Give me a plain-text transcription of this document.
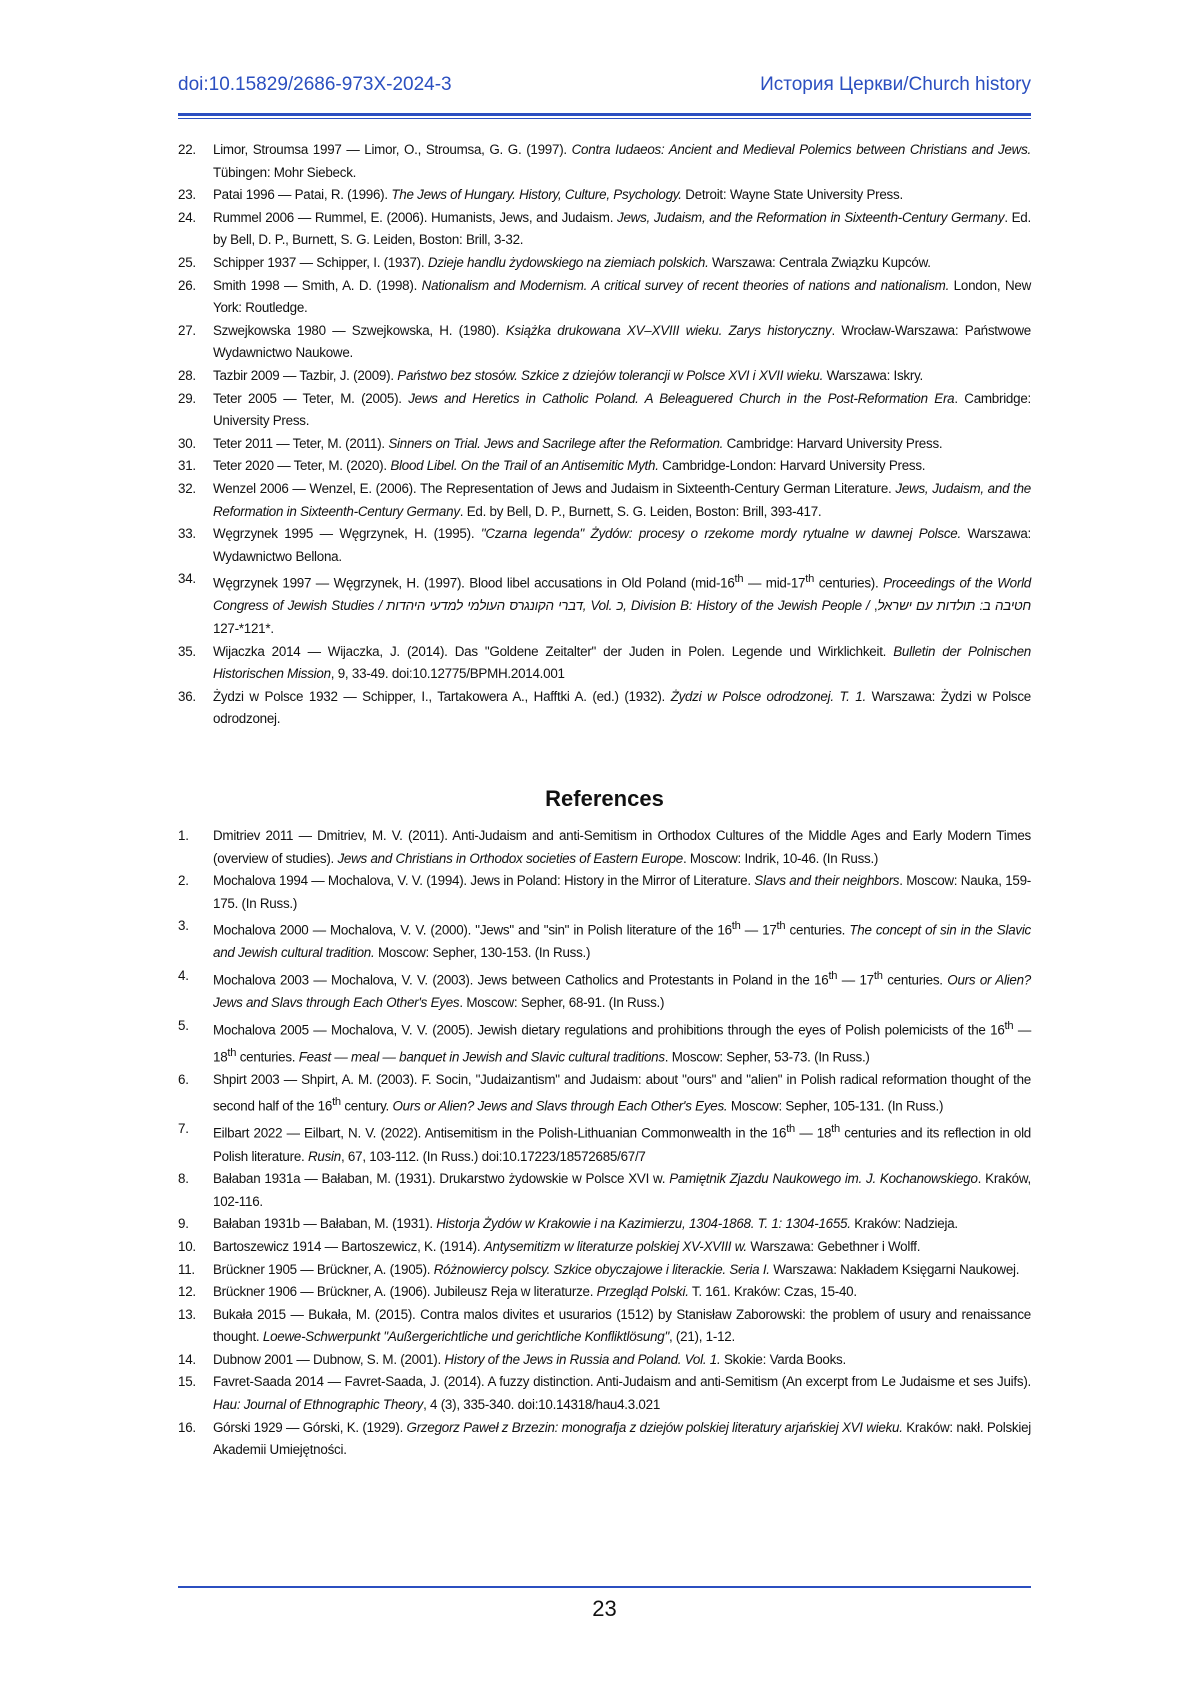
doi:10.15829/2686-973X-2024-3	История Церкви/Church history
22. Limor, Stroumsa 1997 — Limor, O., Stroumsa, G. G. (1997). Contra Iudaeos: Ancient and Medieval Polemics between Christians and Jews. Tübingen: Mohr Siebeck.
23. Patai 1996 — Patai, R. (1996). The Jews of Hungary. History, Culture, Psychology. Detroit: Wayne State University Press.
24. Rummel 2006 — Rummel, E. (2006). Humanists, Jews, and Judaism. Jews, Judaism, and the Reformation in Sixteenth-Century Germany. Ed. by Bell, D. P., Burnett, S. G. Leiden, Boston: Brill, 3-32.
25. Schipper 1937 — Schipper, I. (1937). Dzieje handlu żydowskiego na ziemiach polskich. Warszawa: Centrala Związku Kupców.
26. Smith 1998 — Smith, A. D. (1998). Nationalism and Modernism. A critical survey of recent theories of nations and nationalism. London, New York: Routledge.
27. Szwejkowska 1980 — Szwejkowska, H. (1980). Książka drukowana XV–XVIII wieku. Zarys historyczny. Wrocław-Warszawa: Państwowe Wydawnictwo Naukowe.
28. Tazbir 2009 — Tazbir, J. (2009). Państwo bez stosów. Szkice z dziejów tolerancji w Polsce XVI i XVII wieku. Warszawa: Iskry.
29. Teter 2005 — Teter, M. (2005). Jews and Heretics in Catholic Poland. A Beleaguered Church in the Post-Reformation Era. Cambridge: University Press.
30. Teter 2011 — Teter, M. (2011). Sinners on Trial. Jews and Sacrilege after the Reformation. Cambridge: Harvard University Press.
31. Teter 2020 — Teter, M. (2020). Blood Libel. On the Trail of an Antisemitic Myth. Cambridge-London: Harvard University Press.
32. Wenzel 2006 — Wenzel, E. (2006). The Representation of Jews and Judaism in Sixteenth-Century German Literature. Jews, Judaism, and the Reformation in Sixteenth-Century Germany. Ed. by Bell, D. P., Burnett, S. G. Leiden, Boston: Brill, 393-417.
33. Węgrzynek 1995 — Węgrzynek, H. (1995). "Czarna legenda" Żydów: procesy o rzekome mordy rytualne w dawnej Polsce. Warszawa: Wydawnictwo Bellona.
34. Węgrzynek 1997 — Węgrzynek, H. (1997). Blood libel accusations in Old Poland (mid-16th — mid-17th centuries). Proceedings of the World Congress of Jewish Studies / דברי הקונגרס העולמי למדעי היהדות, Vol. כ, Division B: History of the Jewish People / חטיבה ב: תולדות עם ישראל, 121*-127*.
35. Wijaczka 2014 — Wijaczka, J. (2014). Das "Goldene Zeitalter" der Juden in Polen. Legende und Wirklichkeit. Bulletin der Polnischen Historischen Mission, 9, 33-49. doi:10.12775/BPMH.2014.001
36. Żydzi w Polsce 1932 — Schipper, I., Tartakowera A., Hafftki A. (ed.) (1932). Żydzi w Polsce odrodzonej. T. 1. Warszawa: Żydzi w Polsce odrodzonej.
References
1. Dmitriev 2011 — Dmitriev, M. V. (2011). Anti-Judaism and anti-Semitism in Orthodox Cultures of the Middle Ages and Early Modern Times (overview of studies). Jews and Christians in Orthodox societies of Eastern Europe. Moscow: Indrik, 10-46. (In Russ.)
2. Mochalova 1994 — Mochalova, V. V. (1994). Jews in Poland: History in the Mirror of Literature. Slavs and their neighbors. Moscow: Nauka, 159-175. (In Russ.)
3. Mochalova 2000 — Mochalova, V. V. (2000). "Jews" and "sin" in Polish literature of the 16th — 17th centuries. The concept of sin in the Slavic and Jewish cultural tradition. Moscow: Sepher, 130-153. (In Russ.)
4. Mochalova 2003 — Mochalova, V. V. (2003). Jews between Catholics and Protestants in Poland in the 16th — 17th centuries. Ours or Alien? Jews and Slavs through Each Other's Eyes. Moscow: Sepher, 68-91. (In Russ.)
5. Mochalova 2005 — Mochalova, V. V. (2005). Jewish dietary regulations and prohibitions through the eyes of Polish polemicists of the 16th — 18th centuries. Feast — meal — banquet in Jewish and Slavic cultural traditions. Moscow: Sepher, 53-73. (In Russ.)
6. Shpirt 2003 — Shpirt, A. M. (2003). F. Socin, "Judaizantism" and Judaism: about "ours" and "alien" in Polish radical reformation thought of the second half of the 16th century. Ours or Alien? Jews and Slavs through Each Other's Eyes. Moscow: Sepher, 105-131. (In Russ.)
7. Eilbart 2022 — Eilbart, N. V. (2022). Antisemitism in the Polish-Lithuanian Commonwealth in the 16th — 18th centuries and its reflection in old Polish literature. Rusin, 67, 103-112. (In Russ.) doi:10.17223/18572685/67/7
8. Bałaban 1931a — Bałaban, M. (1931). Drukarstwo żydowskie w Polsce XVI w. Pamiętnik Zjazdu Naukowego im. J. Kochanowskiego. Kraków, 102-116.
9. Bałaban 1931b — Bałaban, M. (1931). Historja Żydów w Krakowie i na Kazimierzu, 1304-1868. T. 1: 1304-1655. Kraków: Nadzieja.
10. Bartoszewicz 1914 — Bartoszewicz, K. (1914). Antysemitizm w literaturze polskiej XV-XVIII w. Warszawa: Gebethner i Wolff.
11. Brückner 1905 — Brückner, A. (1905). Różnowiercy polscy. Szkice obyczajowe i literackie. Seria I. Warszawa: Nakładem Księgarni Naukowej.
12. Brückner 1906 — Brückner, A. (1906). Jubileusz Reja w literaturze. Przegląd Polski. T. 161. Kraków: Czas, 15-40.
13. Bukała 2015 — Bukała, M. (2015). Contra malos divites et usurarios (1512) by Stanisław Zaborowski: the problem of usury and renaissance thought. Loewe-Schwerpunkt "Außergerichtliche und gerichtliche Konfliktlösung", (21), 1-12.
14. Dubnow 2001 — Dubnow, S. M. (2001). History of the Jews in Russia and Poland. Vol. 1. Skokie: Varda Books.
15. Favret-Saada 2014 — Favret-Saada, J. (2014). A fuzzy distinction. Anti-Judaism and anti-Semitism (An excerpt from Le Judaisme et ses Juifs). Hau: Journal of Ethnographic Theory, 4 (3), 335-340. doi:10.14318/hau4.3.021
16. Górski 1929 — Górski, K. (1929). Grzegorz Paweł z Brzezin: monografja z dziejów polskiej literatury arjańskiej XVI wieku. Kraków: nakł. Polskiej Akademii Umiejętności.
23
